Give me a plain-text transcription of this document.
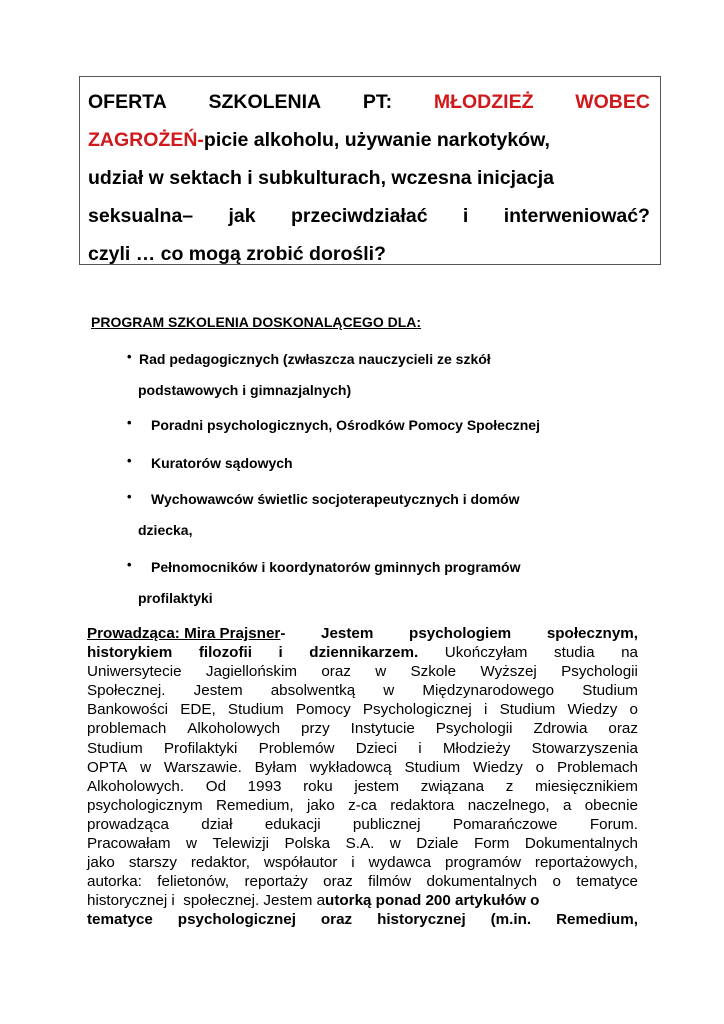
OFERTA SZKOLENIA PT: MŁODZIEŻ WOBEC
ZAGROŻEŃ-picie alkoholu, używanie narkotyków,
udział w sektach i subkulturach, wczesna inicjacja
seksualna– jak przeciwdziałać i interweniować?
czyli … co mogą zrobić dorośli?
PROGRAM SZKOLENIA DOSKONALĄCEGO DLA:
• Rad pedagogicznych (zwłaszcza nauczycieli ze szkół
podstawowych i gimnazjalnych)
•	Poradni psychologicznych, Ośrodków Pomocy Społecznej
•	Kuratorów sądowych
•	Wychowawców świetlic socjoterapeutycznych i domów
dziecka,
•	Pełnomocników i koordynatorów gminnych programów
profilaktyki
Prowadząca: Mira Prajsner- Jestem psychologiem społecznym,
historykiem filozofii i dziennikarzem. Ukończyłam studia na
Uniwersytecie Jagiellońskim oraz w Szkole Wyższej Psychologii
Społecznej. Jestem absolwentką w Międzynarodowego Studium
Bankowości EDE, Studium Pomocy Psychologicznej i Studium Wiedzy o
problemach Alkoholowych przy Instytucie Psychologii Zdrowia oraz
Studium Profilaktyki Problemów Dzieci i Młodzieży Stowarzyszenia
OPTA w Warszawie. Byłam wykładowcą Studium Wiedzy o Problemach
Alkoholowych. Od 1993 roku jestem związana z miesięcznikiem
psychologicznym Remedium, jako z-ca redaktora naczelnego, a obecnie
prowadząca dział edukacji publicznej Pomarańczowe Forum.
Pracowałam w Telewizji Polska S.A. w Dziale Form Dokumentalnych
jako starszy redaktor, współautor i wydawca programów reportażowych,
autorka: felietonów, reportaży oraz filmów dokumentalnych o tematyce
historycznej i  społecznej. Jestem a utorką ponad 200 artykułów o
tematyce psychologicznej oraz historycznej (m.in. Remedium,
